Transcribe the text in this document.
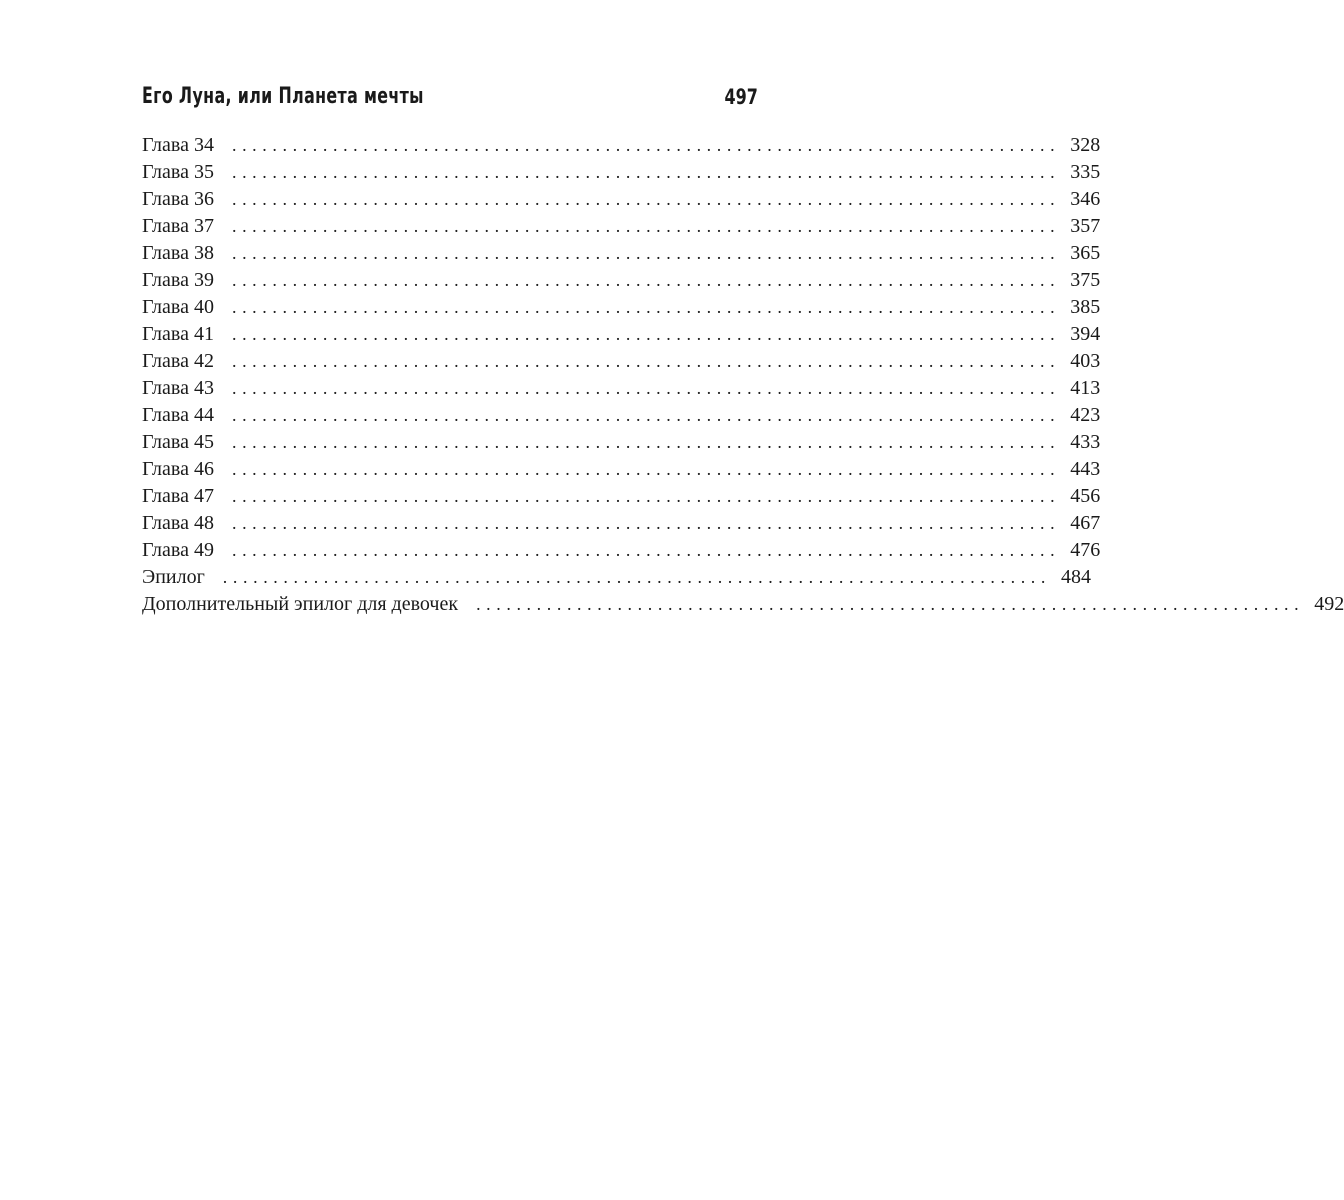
Его Луна, или Планета мечты	497
Глава 34 .................................................................................. 328
Глава 35 .................................................................................. 335
Глава 36 .................................................................................. 346
Глава 37 .................................................................................. 357
Глава 38 .................................................................................. 365
Глава 39 .................................................................................. 375
Глава 40 .................................................................................. 385
Глава 41 .................................................................................. 394
Глава 42 .................................................................................. 403
Глава 43 .................................................................................. 413
Глава 44 .................................................................................. 423
Глава 45 .................................................................................. 433
Глава 46 .................................................................................. 443
Глава 47 .................................................................................. 456
Глава 48 .................................................................................. 467
Глава 49 .................................................................................. 476
Эпилог .................................................................................. 484
Дополнительный эпилог для девочек .................................................................................. 492
